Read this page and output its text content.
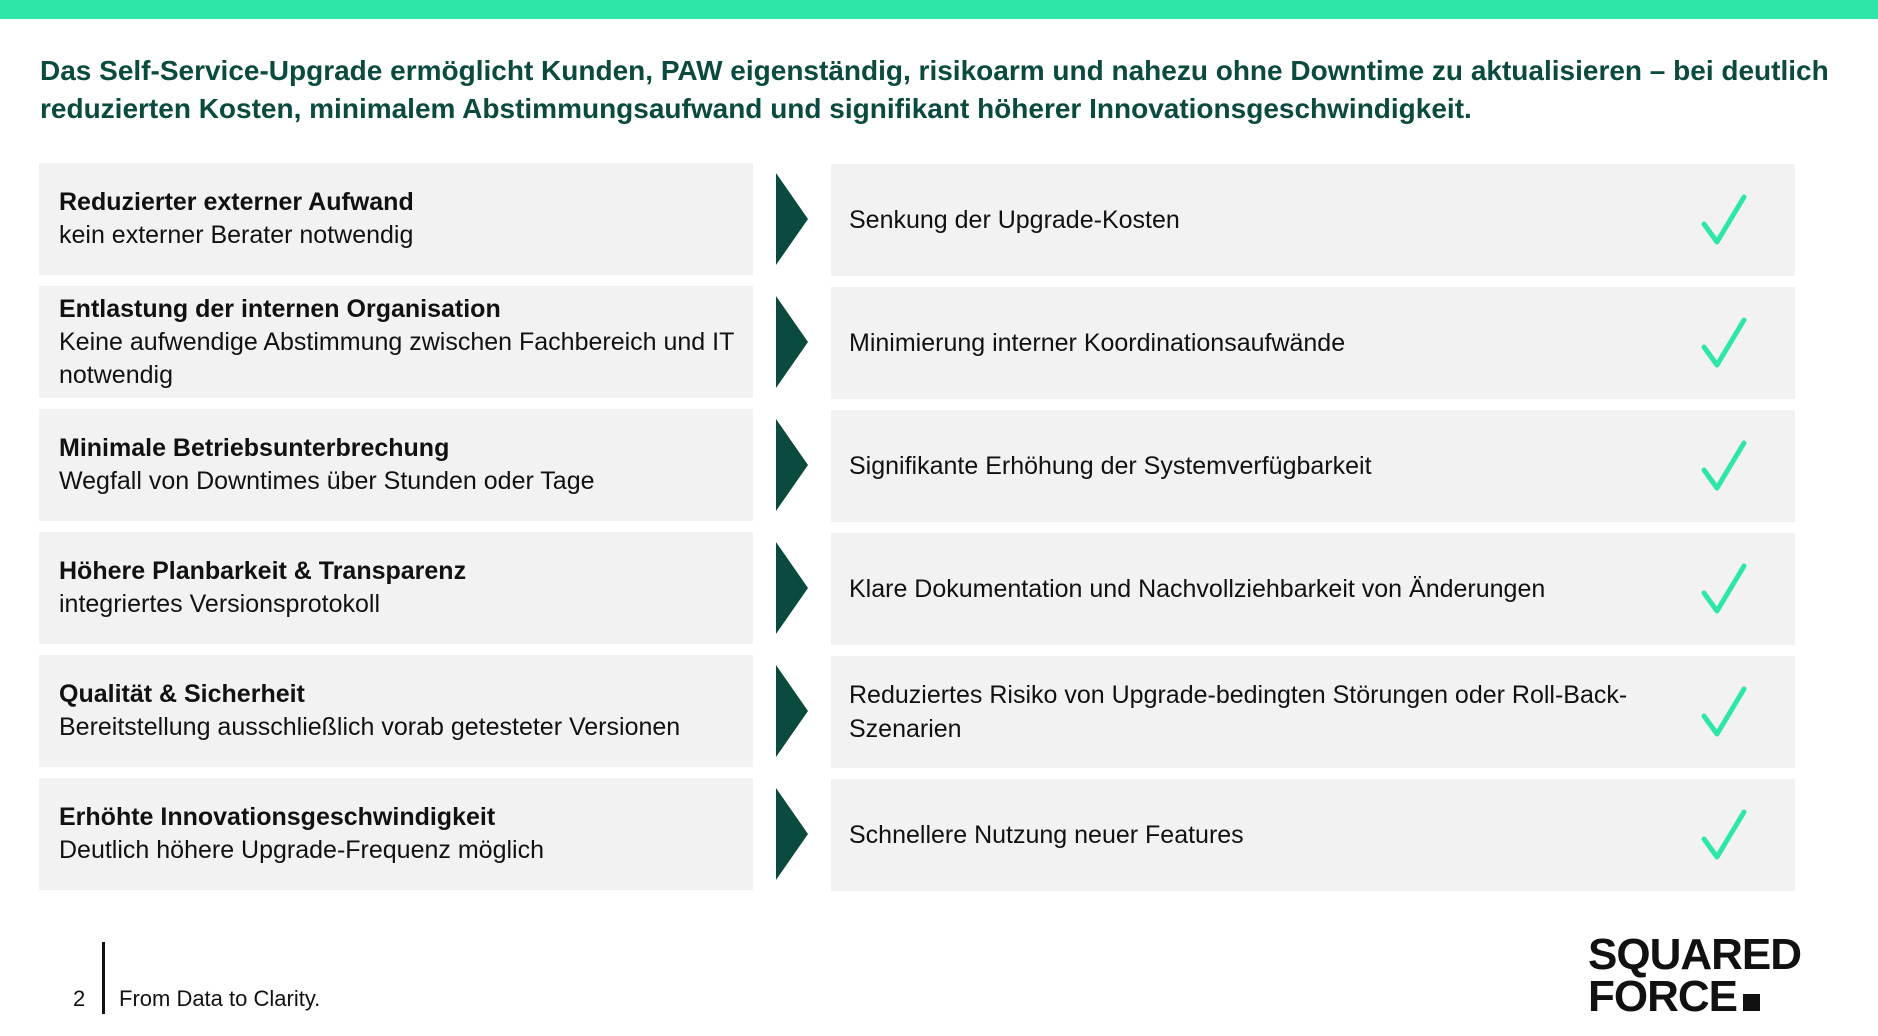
Das Self-Service-Upgrade ermöglicht Kunden, PAW eigenständig, risikoarm und nahezu ohne Downtime zu aktualisieren – bei deutlich reduzierten Kosten, minimalem Abstimmungsaufwand und signifikant höherer Innovationsgeschwindigkeit.
Reduzierter externer Aufwand
kein externer Berater notwendig
Senkung der Upgrade-Kosten
Entlastung der internen Organisation
Keine aufwendige Abstimmung zwischen Fachbereich und IT notwendig
Minimierung interner Koordinationsaufwände
Minimale Betriebsunterbrechung
Wegfall von Downtimes über Stunden oder Tage
Signifikante Erhöhung der Systemverfügbarkeit
Höhere Planbarkeit & Transparenz
integriertes Versionsprotokoll
Klare Dokumentation und Nachvollziehbarkeit von Änderungen
Qualität & Sicherheit
Bereitstellung ausschließlich vorab getesteter Versionen
Reduziertes Risiko von Upgrade-bedingten Störungen oder Roll-Back-Szenarien
Erhöhte Innovationsgeschwindigkeit
Deutlich höhere Upgrade-Frequenz möglich
Schnellere Nutzung neuer Features
2 From Data to Clarity.
SQUARED
FORCE
